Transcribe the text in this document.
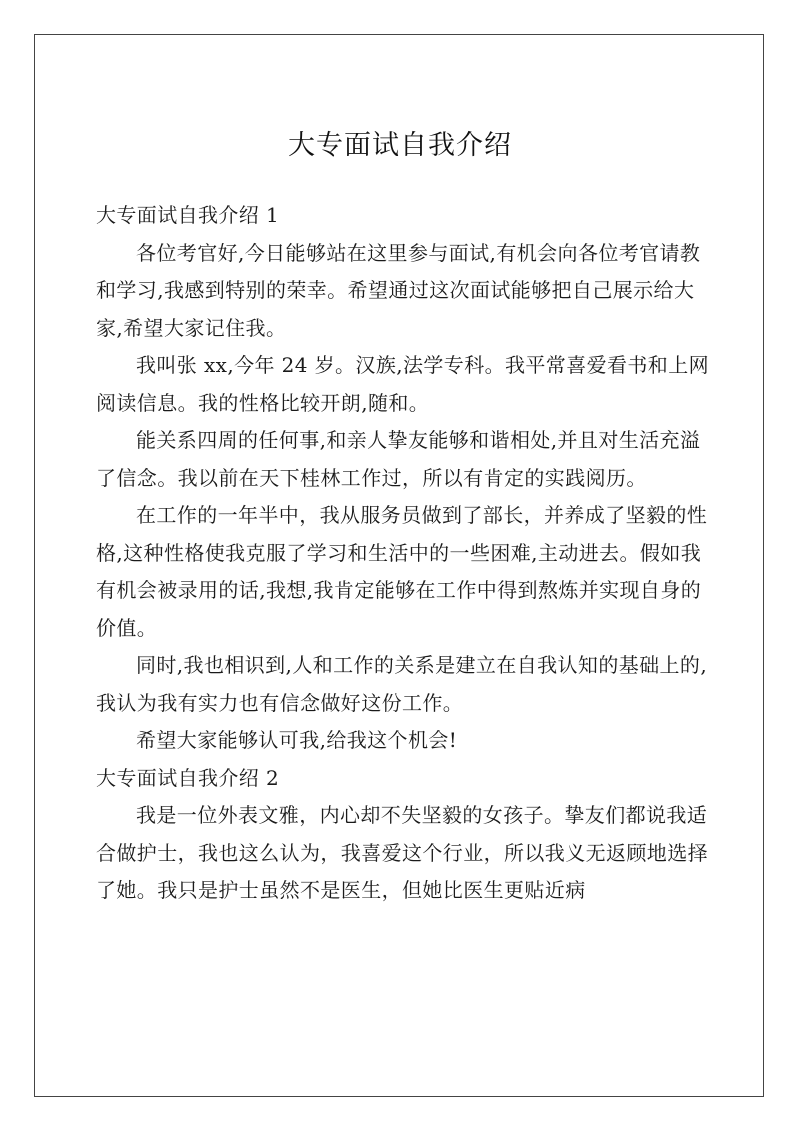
大专面试自我介绍

大专面试自我介绍 1

各位考官好,今日能够站在这里参与面试,有机会向各位考官请教和学习,我感到特别的荣幸。希望通过这次面试能够把自己展示给大家,希望大家记住我。

我叫张 xx,今年 24 岁。汉族,法学专科。我平常喜爱看书和上网阅读信息。我的性格比较开朗,随和。

能关系四周的任何事,和亲人挚友能够和谐相处,并且对生活充溢了信念。我以前在天下桂林工作过，所以有肯定的实践阅历。

在工作的一年半中，我从服务员做到了部长，并养成了坚毅的性格,这种性格使我克服了学习和生活中的一些困难,主动进去。假如我有机会被录用的话,我想,我肯定能够在工作中得到熬炼并实现自身的价值。

同时,我也相识到,人和工作的关系是建立在自我认知的基础上的,我认为我有实力也有信念做好这份工作。

希望大家能够认可我,给我这个机会!

大专面试自我介绍 2

我是一位外表文雅，内心却不失坚毅的女孩子。挚友们都说我适合做护士，我也这么认为，我喜爱这个行业，所以我义无返顾地选择了她。我只是护士虽然不是医生，但她比医生更贴近病
